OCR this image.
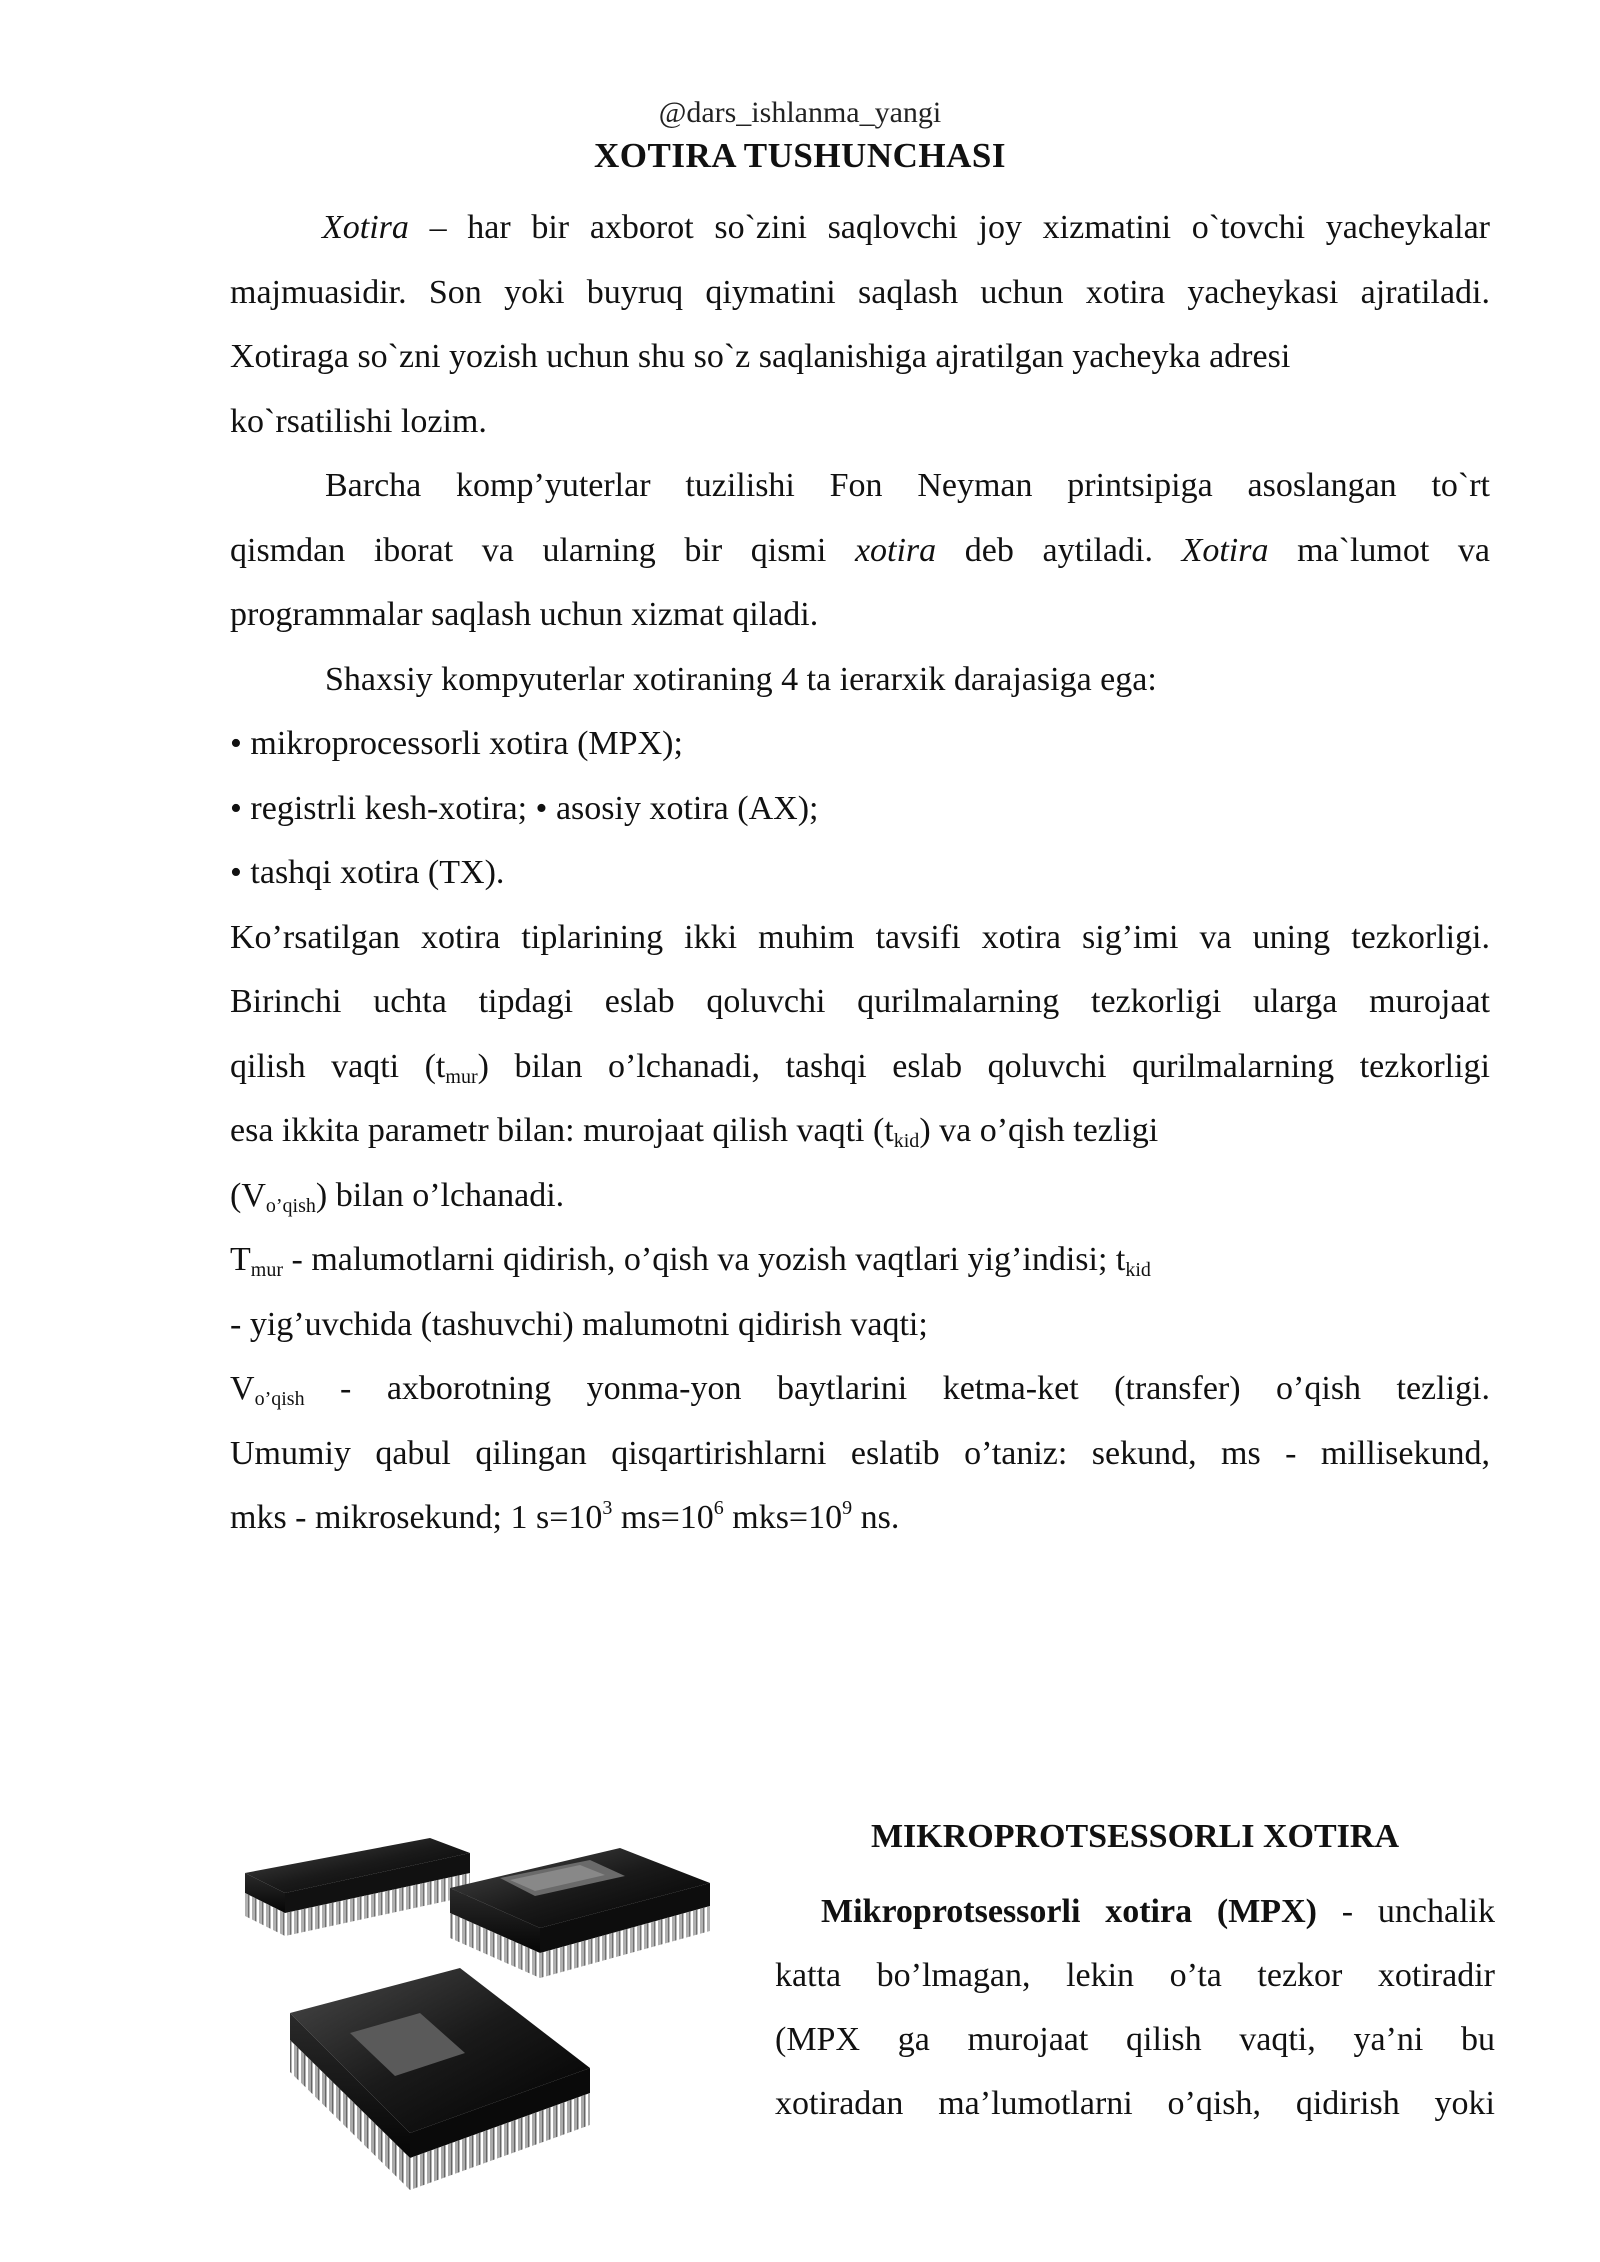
@dars_ishlanma_yangi
XOTIRA TUSHUNCHASI

Xotira – har bir axborot so`zini saqlovchi joy xizmatini o`tovchi yacheykalar

majmuasidir. Son yoki buyruq qiymatini saqlash uchun xotira yacheykasi ajratiladi.

Xotiraga so`zni yozish uchun shu so`z saqlanishiga ajratilgan yacheyka adresi

ko`rsatilishi lozim.

Barcha komp’yuterlar tuzilishi Fon Neyman printsipiga asoslangan to`rt

qismdan iborat va ularning bir qismi xotira deb aytiladi. Xotira ma`lumot va

programmalar saqlash uchun xizmat qiladi.

Shaxsiy kompyuterlar xotiraning 4 ta ierarxik darajasiga ega:

• mikroprocessorli xotira (MPX);

• registrli kesh-xotira; • asosiy xotira (AX);

• tashqi xotira (TX).

Ko’rsatilgan xotira tiplarining ikki muhim tavsifi xotira sig’imi va uning tezkorligi.

Birinchi uchta tipdagi eslab qoluvchi qurilmalarning tezkorligi ularga murojaat

qilish vaqti $(t_{mur})$ bilan o’lchanadi, tashqi eslab qoluvchi qurilmalarning tezkorligi

esa ikkita parametr bilan: murojaat qilish vaqti $(t_{kid})$ va o’qish tezligi

$(V_{o’qish})$ bilan o’lchanadi.

$T_{mur}$ - malumotlarni qidirish, o’qish va yozish vaqtlari yig’indisi; $t_{kid}$

- yig’uvchida (tashuvchi) malumotni qidirish vaqti;

$V_{o’qish}$  -  axborotning  yonma-yon  baytlarini  ketma-ket  (transfer)  o’qish  tezligi.

Umumiy qabul qilingan qisqartirishlarni eslatib o’taniz: sekund, ms - millisekund,

mks - mikrosekund; 1 $s=10^3$ $ms=10^6$ $mks=10^9$ ns.

MIKROPROTSESSORLI XOTIRA

Mikroprotsessorli xotira (MPX) - unchalik

katta bo’lmagan, lekin o’ta tezkor xotiradir

(MPX ga murojaat qilish vaqti, ya’ni bu

xotiradan ma’lumotlarni o’qish, qidirish yoki
